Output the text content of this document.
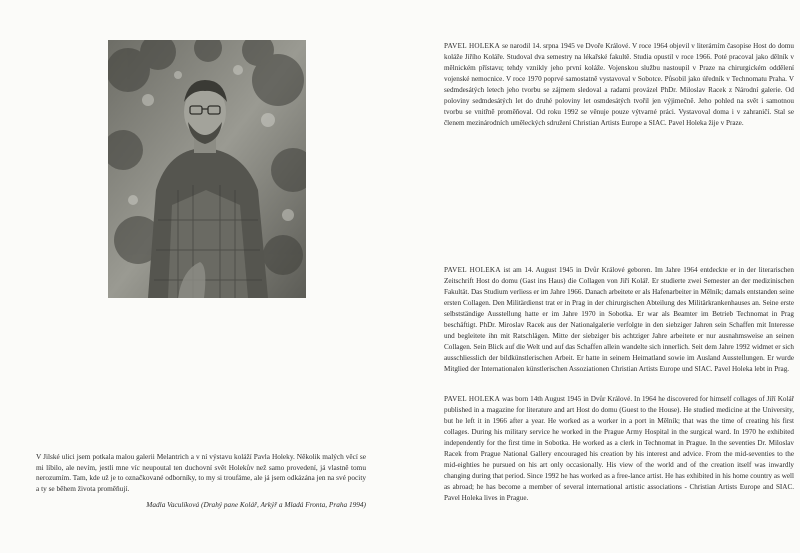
V Jilské ulici jsem potkala malou galerii Melantrich a v ní výstavu koláží Pavla Holeky. Několik malých věcí se mi líbilo, ale nevím, jestli mne víc neupoutal ten duchovní svět Holekův než samo provedení, já vlastně tomu nerozumím. Tam, kde už je to označkované odborníky, to my si troufáme, ale já jsem odkázána jen na své pocity a ty se během života proměňují.
Madla Vaculíková (Drahý pane Kolář, Arkýř a Mladá Fronta, Praha 1994)
PAVEL HOLEKA se narodil 14. srpna 1945 ve Dvoře Králové. V roce 1964 objevil v literárním časopise Host do domu koláže Jiřího Koláře. Studoval dva semestry na lékařské fakultě. Studia opustil v roce 1966. Poté pracoval jako dělník v mělnickém přístavu; tehdy vznikly jeho první koláže. Vojenskou službu nastoupil v Praze na chirurgickém oddělení vojenské nemocnice. V roce 1970 poprvé samostatně vystavoval v Sobotce. Působil jako úředník v Technomatu Praha. V sedmdesátých letech jeho tvorbu se zájmem sledoval a radami provázel PhDr. Miloslav Racek z Národní galerie. Od poloviny sedmdesátých let do druhé poloviny let osmdesátých tvořil jen výjimečně. Jeho pohled na svět i samotnou tvorbu se vnitřně proměňoval. Od roku 1992 se věnuje pouze výtvarné práci. Vystavoval doma i v zahraničí. Stal se členem mezinárodních uměleckých sdružení Christian Artists Europe a SIAC. Pavel Holeka žije v Praze.
PAVEL HOLEKA ist am 14. August 1945 in Dvůr Králové geboren. Im Jahre 1964 entdeckte er in der literarischen Zeitschrift Host do domu (Gast ins Haus) die Collagen von Jiří Kolář. Er studierte zwei Semester an der medizinischen Fakultät. Das Studium verliess er im Jahre 1966. Danach arbeitete er als Hafenarbeiter in Mělník; damals entstanden seine ersten Collagen. Den Militärdienst trat er in Prag in der chirurgischen Abteilung des Militärkrankenhauses an. Seine erste selbstständige Ausstellung hatte er im Jahre 1970 in Sobotka. Er war als Beamter im Betrieb Technomat in Prag beschäftigt. PhDr. Miroslav Racek aus der Nationalgalerie verfolgte in den siebziger Jahren sein Schaffen mit Interesse und begleitete ihn mit Ratschlägen. Mitte der siebziger bis achtziger Jahre arbeitete er nur ausnahmsweise an seinen Collagen. Sein Blick auf die Welt und auf das Schaffen allein wandelte sich innerlich. Seit dem Jahre 1992 widmet er sich ausschliesslich der bildkünstlerischen Arbeit. Er hatte in seinem Heimatland sowie im Ausland Ausstellungen. Er wurde Mitglied der Internationalen künstlerischen Assoziationen Christian Artists Europe und SIAC. Pavel Holeka lebt in Prag.
PAVEL HOLEKA was born 14th August 1945 in Dvůr Králové. In 1964 he discovered for himself collages of Jiří Kolář published in a magazine for literature and art Host do domu (Guest to the House). He studied medicine at the University, but he left it in 1966 after a year. He worked as a worker in a port in Mělník; that was the time of creating his first collages. During his military service he worked in the Prague Army Hospital in the surgical ward. In 1970 he exhibited independently for the first time in Sobotka. He worked as a clerk in Technomat in Prague. In the seventies Dr. Miloslav Racek from Prague National Gallery encouraged his creation by his interest and advice. From the mid-seventies to the mid-eighties he pursued on his art only occasionally. His view of the world and of the creation itself was inwardly changing during that period. Since 1992 he has worked as a free-lance artist. He has exhibited in his home country as well as abroad; he has become a member of several international artistic associations - Christian Artists Europe and SIAC. Pavel Holeka lives in Prague.
